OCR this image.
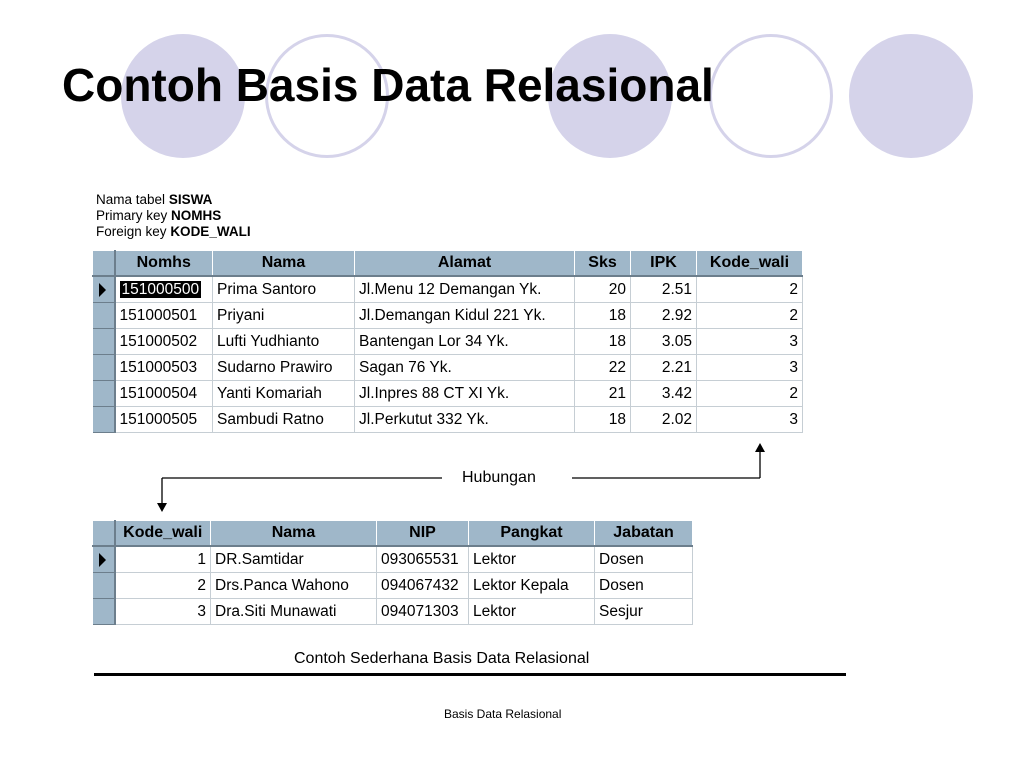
Contoh Basis Data Relasional
Nama tabel SISWA
Primary key NOMHS
Foreign key KODE_WALI
	Nomhs	Nama	Alamat	Sks	IPK	Kode_wali

	151000500	Prima Santoro	Jl.Menu 12 Demangan Yk.	20	2.51	2
	151000501	Priyani	Jl.Demangan Kidul 221 Yk.	18	2.92	2
	151000502	Lufti Yudhianto	Bantengan Lor 34 Yk.	18	3.05	3
	151000503	Sudarno Prawiro	Sagan 76 Yk.	22	2.21	3
	151000504	Yanti Komariah	Jl.Inpres 88 CT XI Yk.	21	3.42	2
	151000505	Sambudi Ratno	Jl.Perkutut 332 Yk.	18	2.02	3
	Kode_wali	Nama	NIP	Pangkat	Jabatan

	1	DR.Samtidar	093065531	Lektor	Dosen
	2	Drs.Panca Wahono	094067432	Lektor Kepala	Dosen
	3	Dra.Siti Munawati	094071303	Lektor	Sesjur
Hubungan
Contoh Sederhana Basis Data Relasional
Basis Data Relasional
